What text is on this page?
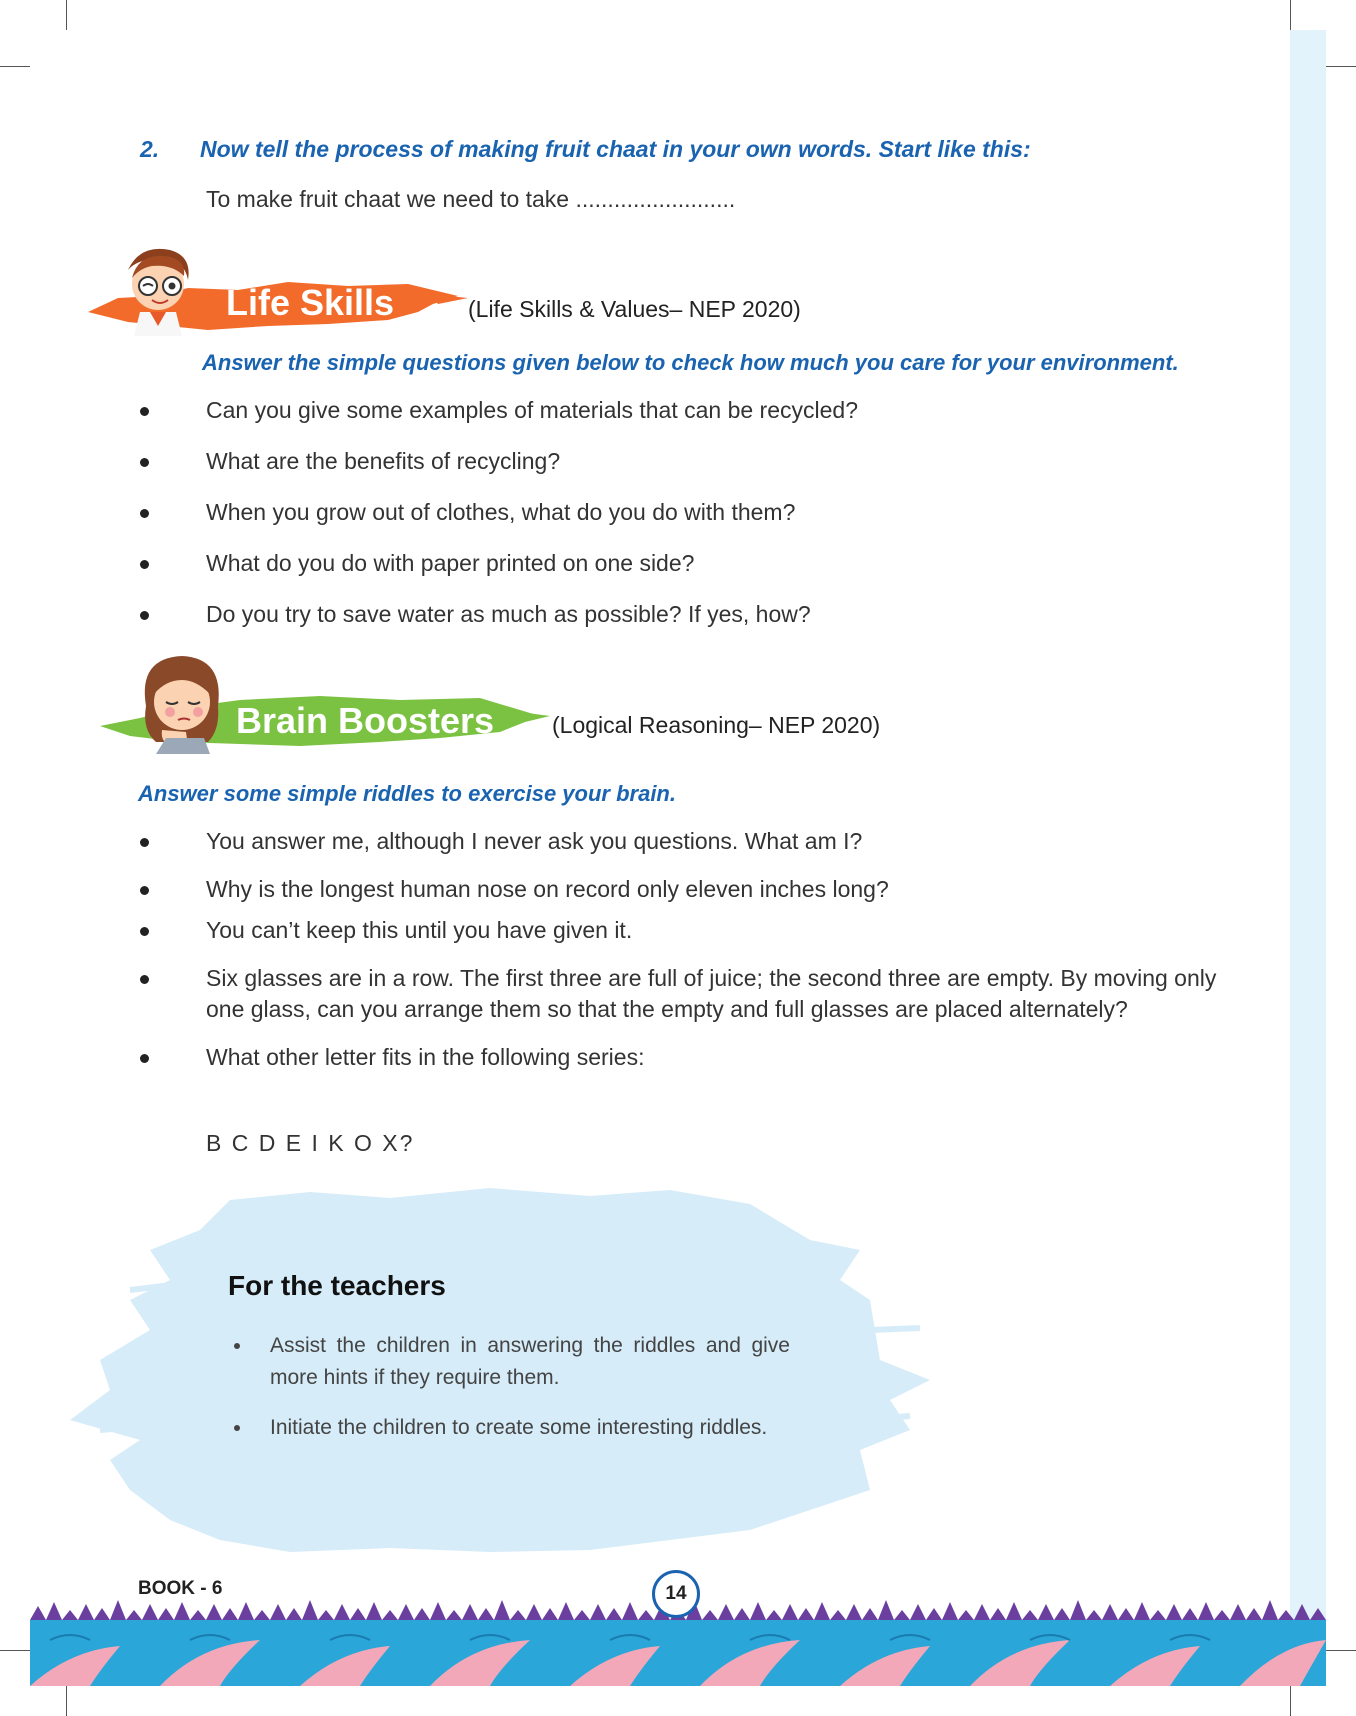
2. Now tell the process of making fruit chaat in your own words. Start like this:
To make fruit chaat we need to take .........................
Life Skills	(Life Skills & Values– NEP 2020)
Answer the simple questions given below to check how much you care for your environment.
Can you give some examples of materials that can be recycled?
What are the benefits of recycling?
When you grow out of clothes, what do you do with them?
What do you do with paper printed on one side?
Do you try to save water as much as possible? If yes, how?
Brain Boosters	(Logical Reasoning– NEP 2020)
Answer some simple riddles to exercise your brain.
You answer me, although I never ask you questions. What am I?
Why is the longest human nose on record only eleven inches long?
You can’t keep this until you have given it.
Six glasses are in a row. The first three are full of juice; the second three are empty. By moving only one glass, can you arrange them so that the empty and full glasses are placed alternately?
What other letter fits in the following series:
B C D E I K O X?
For the teachers
Assist the children in answering the riddles and give more hints if they require them.
Initiate the children to create some interesting riddles.
BOOK - 6	14
